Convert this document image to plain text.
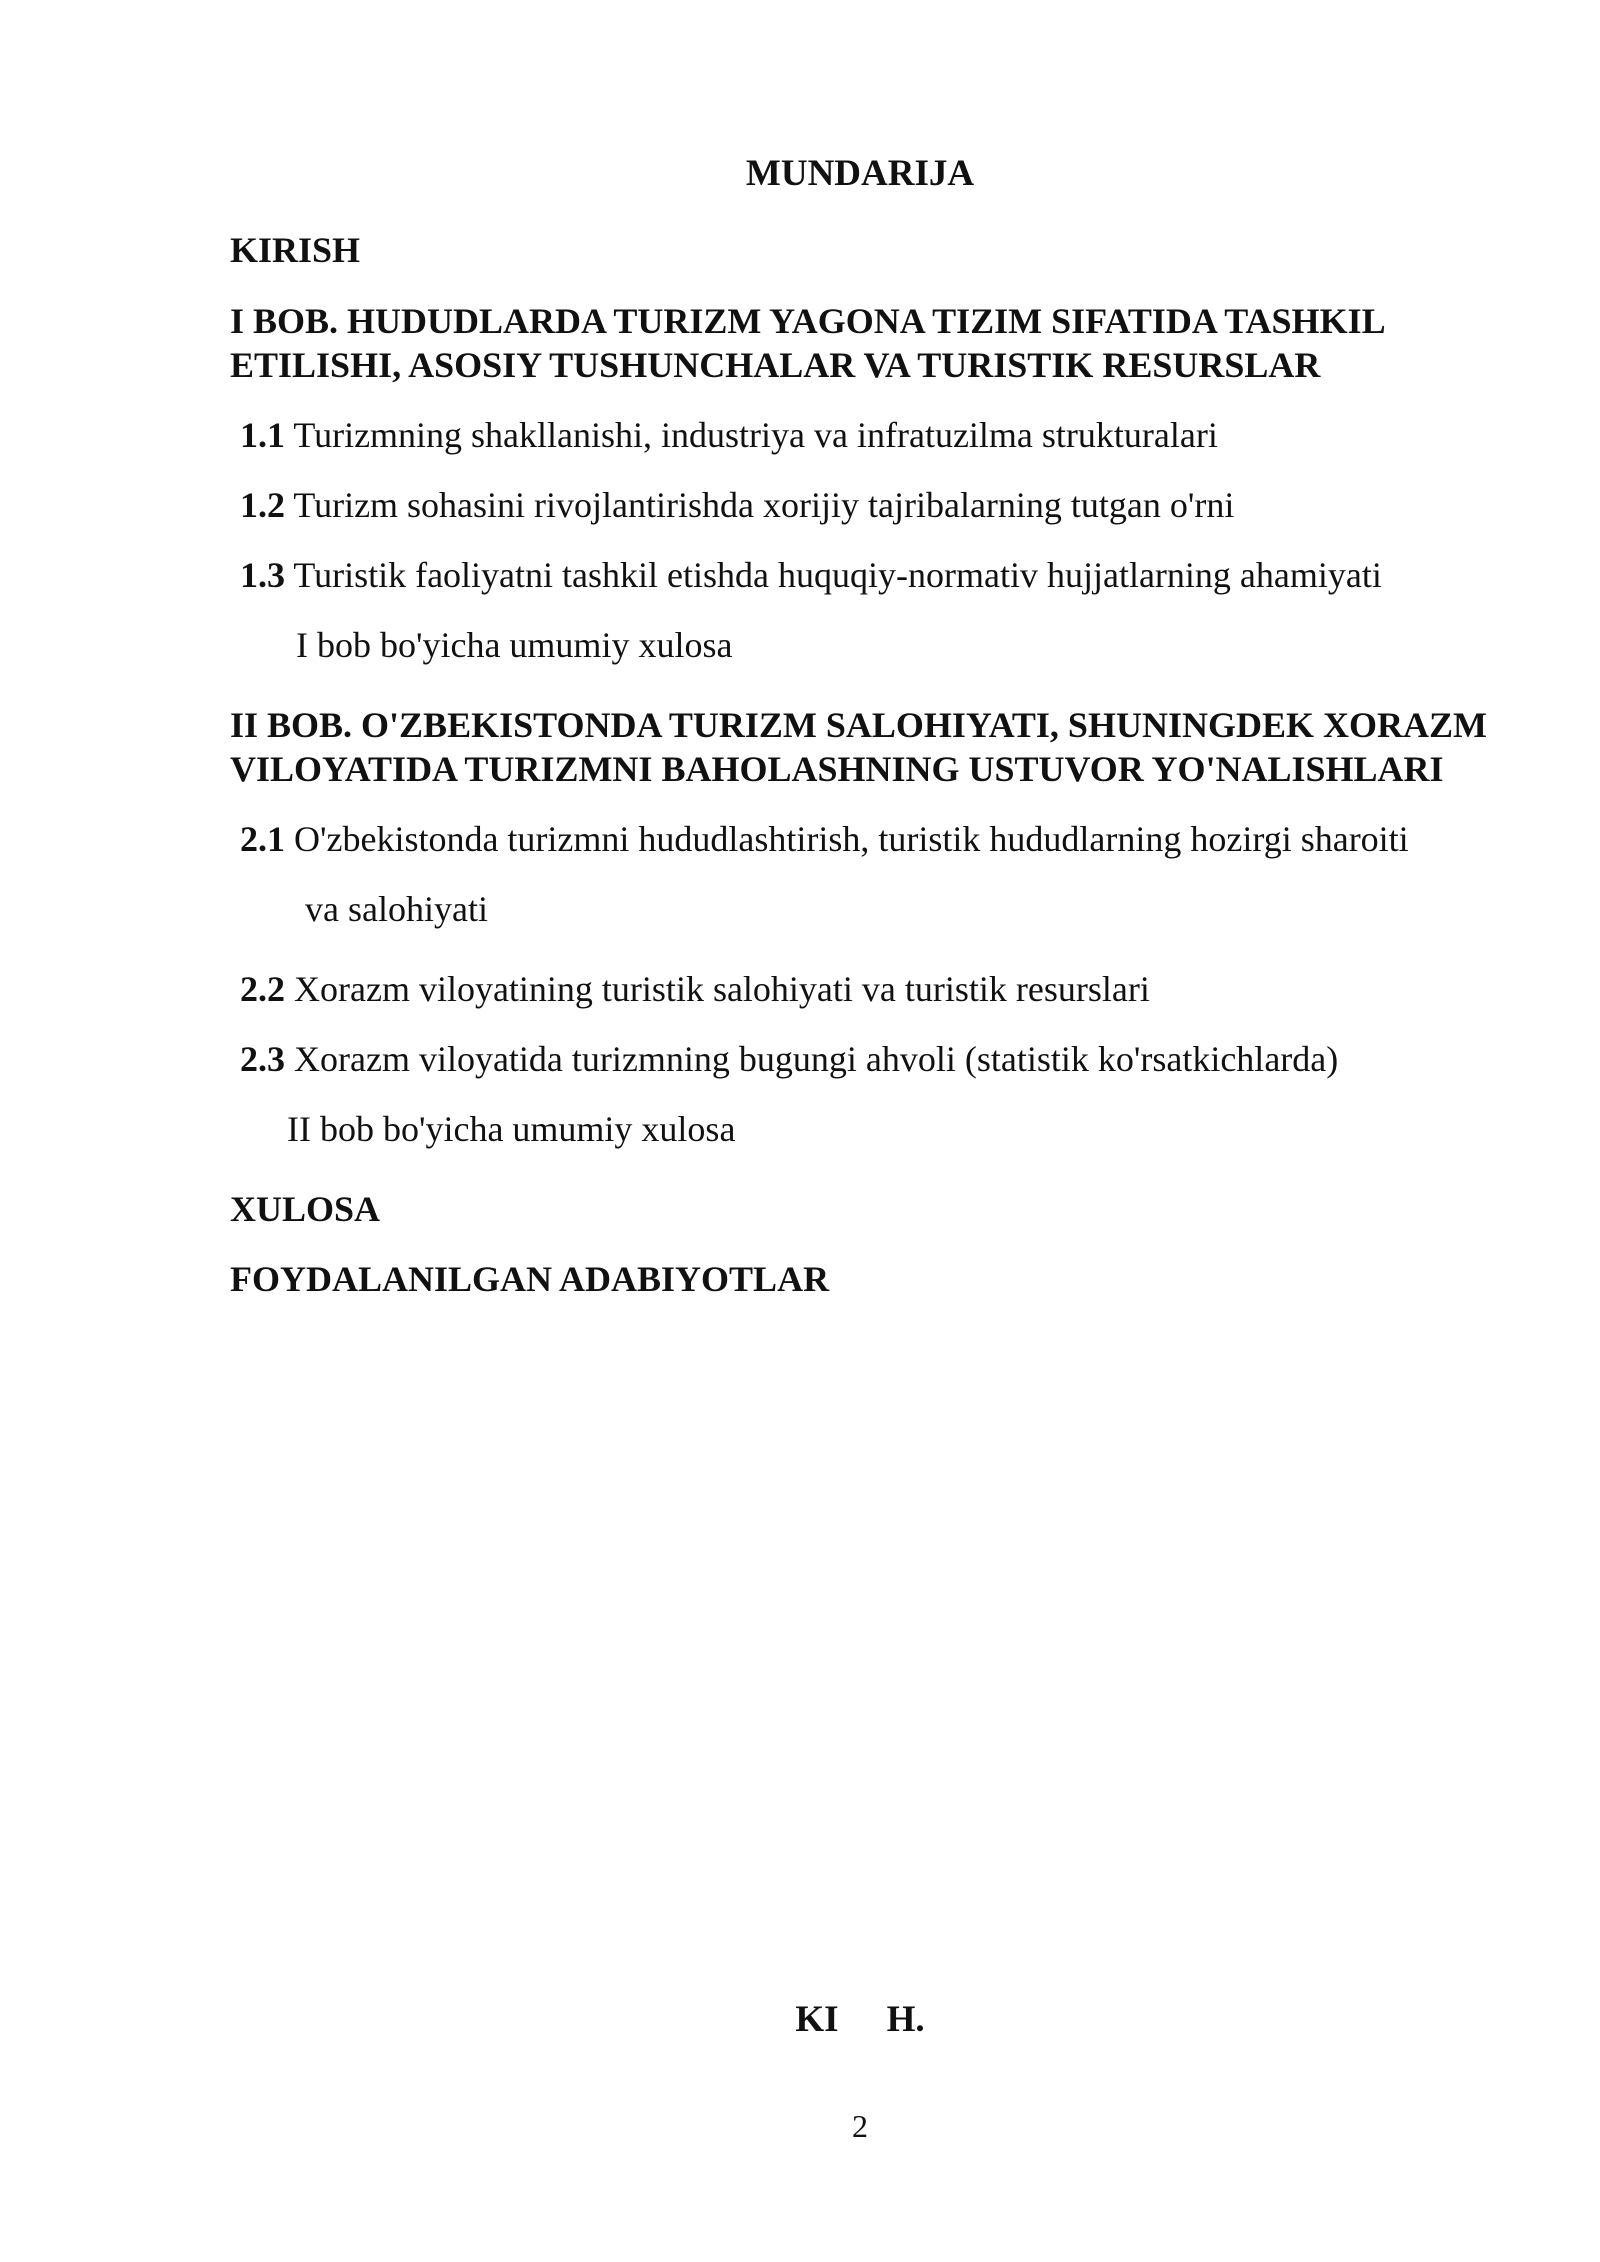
MUNDARIJA

KIRISH

I BOB. HUDUDLARDA TURIZM YAGONA TIZIM SIFATIDA TASHKIL ETILISHI, ASOSIY TUSHUNCHALAR VA TURISTIK RESURSLAR

1.1 Turizmning shakllanishi, industriya va infratuzilma strukturalari

1.2 Turizm sohasini rivojlantirishda xorijiy tajribalarning tutgan o'rni

1.3 Turistik faoliyatni tashkil etishda huquqiy-normativ hujjatlarning ahamiyati

I bob bo'yicha umumiy xulosa

II BOB. O'ZBEKISTONDA TURIZM SALOHIYATI, SHUNINGDEK XORAZM VILOYATIDA TURIZMNI BAHOLASHNING USTUVOR YO'NALISHLARI

2.1 O'zbekistonda turizmni hududlashtirish, turistik hududlarning hozirgi sharoiti

va salohiyati

2.2 Xorazm viloyatining turistik salohiyati va turistik resurslari

2.3 Xorazm viloyatida turizmning bugungi ahvoli (statistik ko'rsatkichlarda)

II bob bo'yicha umumiy xulosa

XULOSA

FOYDALANILGAN ADABIYOTLAR

KI H.
2
